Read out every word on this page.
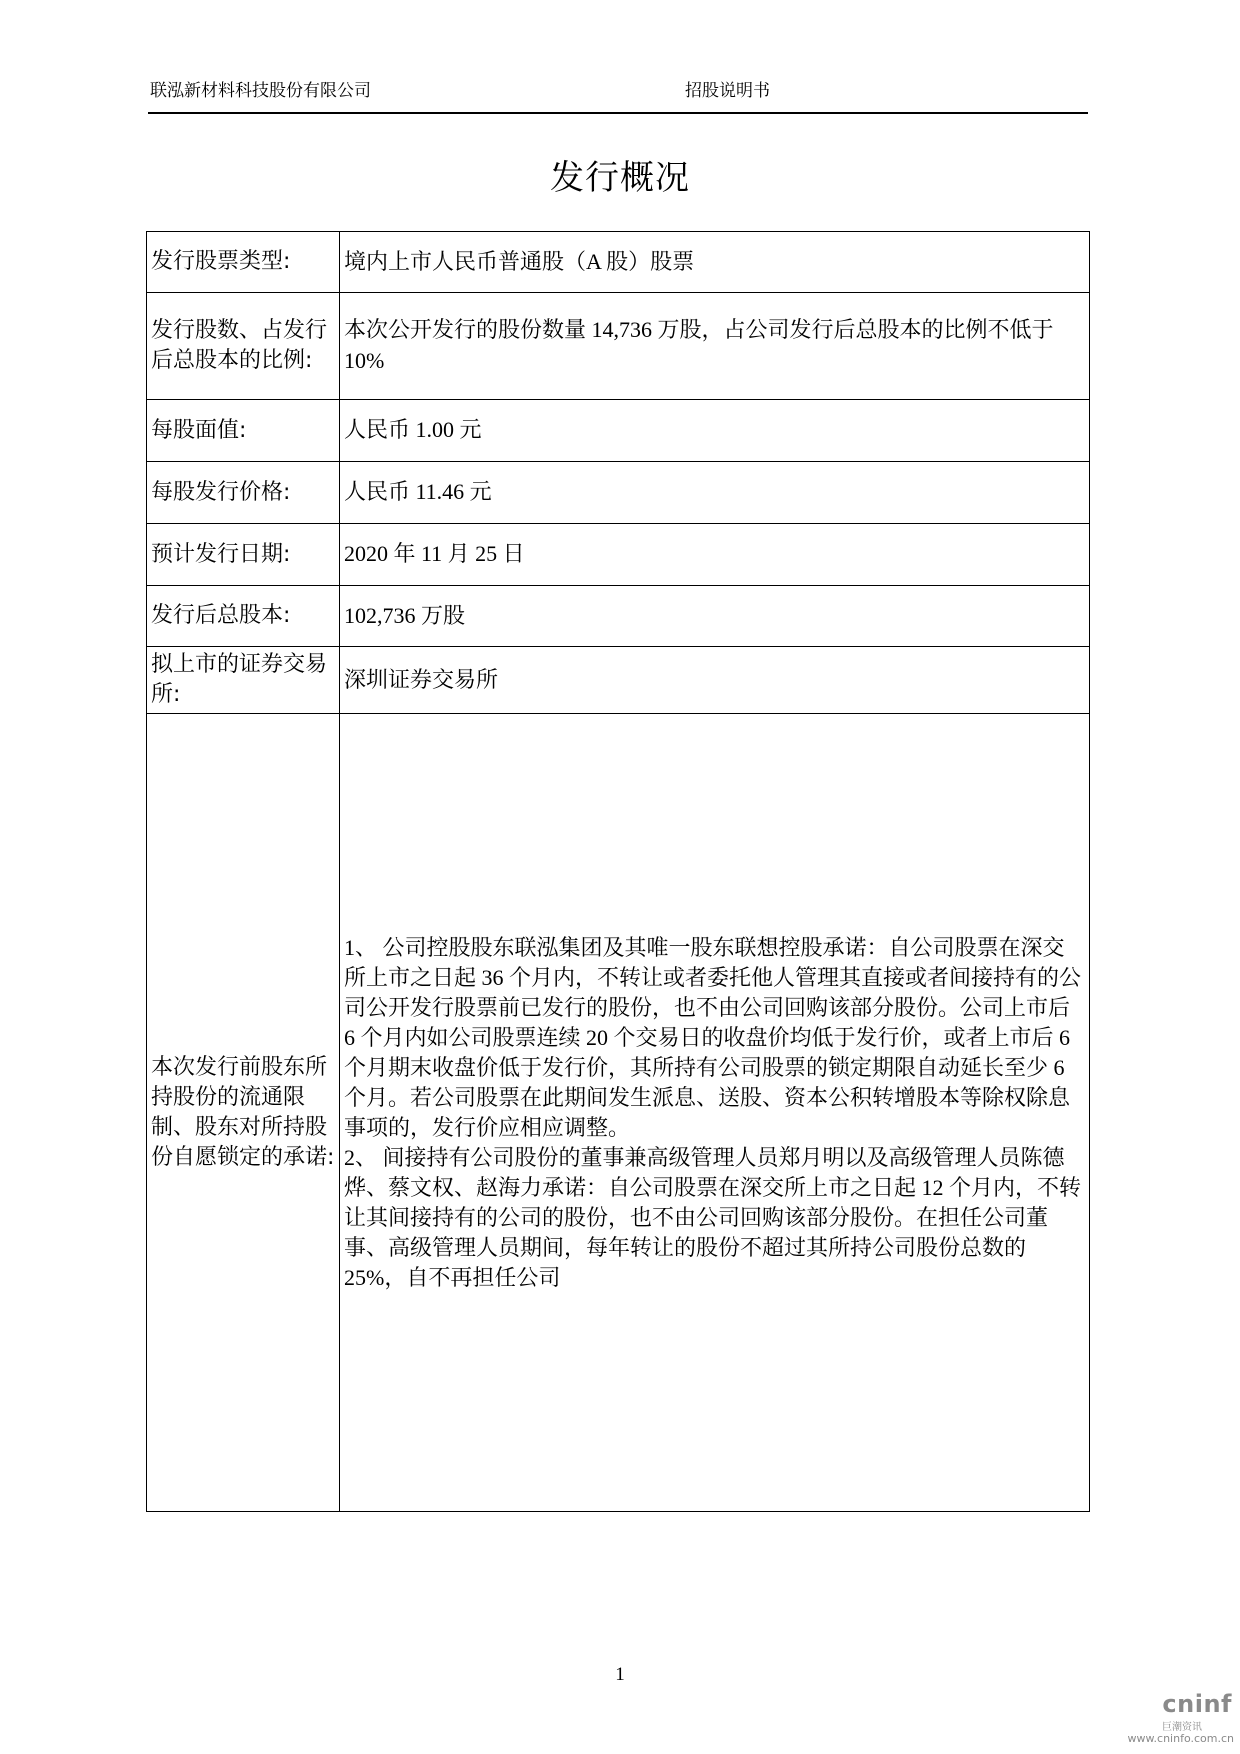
联泓新材料科技股份有限公司	招股说明书
发行概况
发行股票类型:	境内上市人民币普通股（A 股）股票
发行股数、占发行后总股本的比例:	本次公开发行的股份数量 14,736 万股，占公司发行后总股本的比例不低于 10%
每股面值:	人民币 1.00 元
每股发行价格:	人民币 11.46 元
预计发行日期:	2020 年 11 月 25 日
发行后总股本:	102,736 万股
拟上市的证券交易所:	深圳证券交易所
本次发行前股东所持股份的流通限制、股东对所持股份自愿锁定的承诺:	1、 公司控股股东联泓集团及其唯一股东联想控股承诺：自公司股票在深交所上市之日起 36 个月内，不转让或者委托他人管理其直接或者间接持有的公司公开发行股票前已发行的股份，也不由公司回购该部分股份。公司上市后 6 个月内如公司股票连续 20 个交易日的收盘价均低于发行价，或者上市后 6 个月期末收盘价低于发行价，其所持有公司股票的锁定期限自动延长至少 6 个月。若公司股票在此期间发生派息、送股、资本公积转增股本等除权除息事项的，发行价应相应调整。
2、 间接持有公司股份的董事兼高级管理人员郑月明以及高级管理人员陈德烨、蔡文权、赵海力承诺：自公司股票在深交所上市之日起 12 个月内，不转让其间接持有的公司的股份，也不由公司回购该部分股份。在担任公司董事、高级管理人员期间，每年转让的股份不超过其所持公司股份总数的 25%，自不再担任公司
1
cninf
巨潮资讯
www.cninfo.com.cn
